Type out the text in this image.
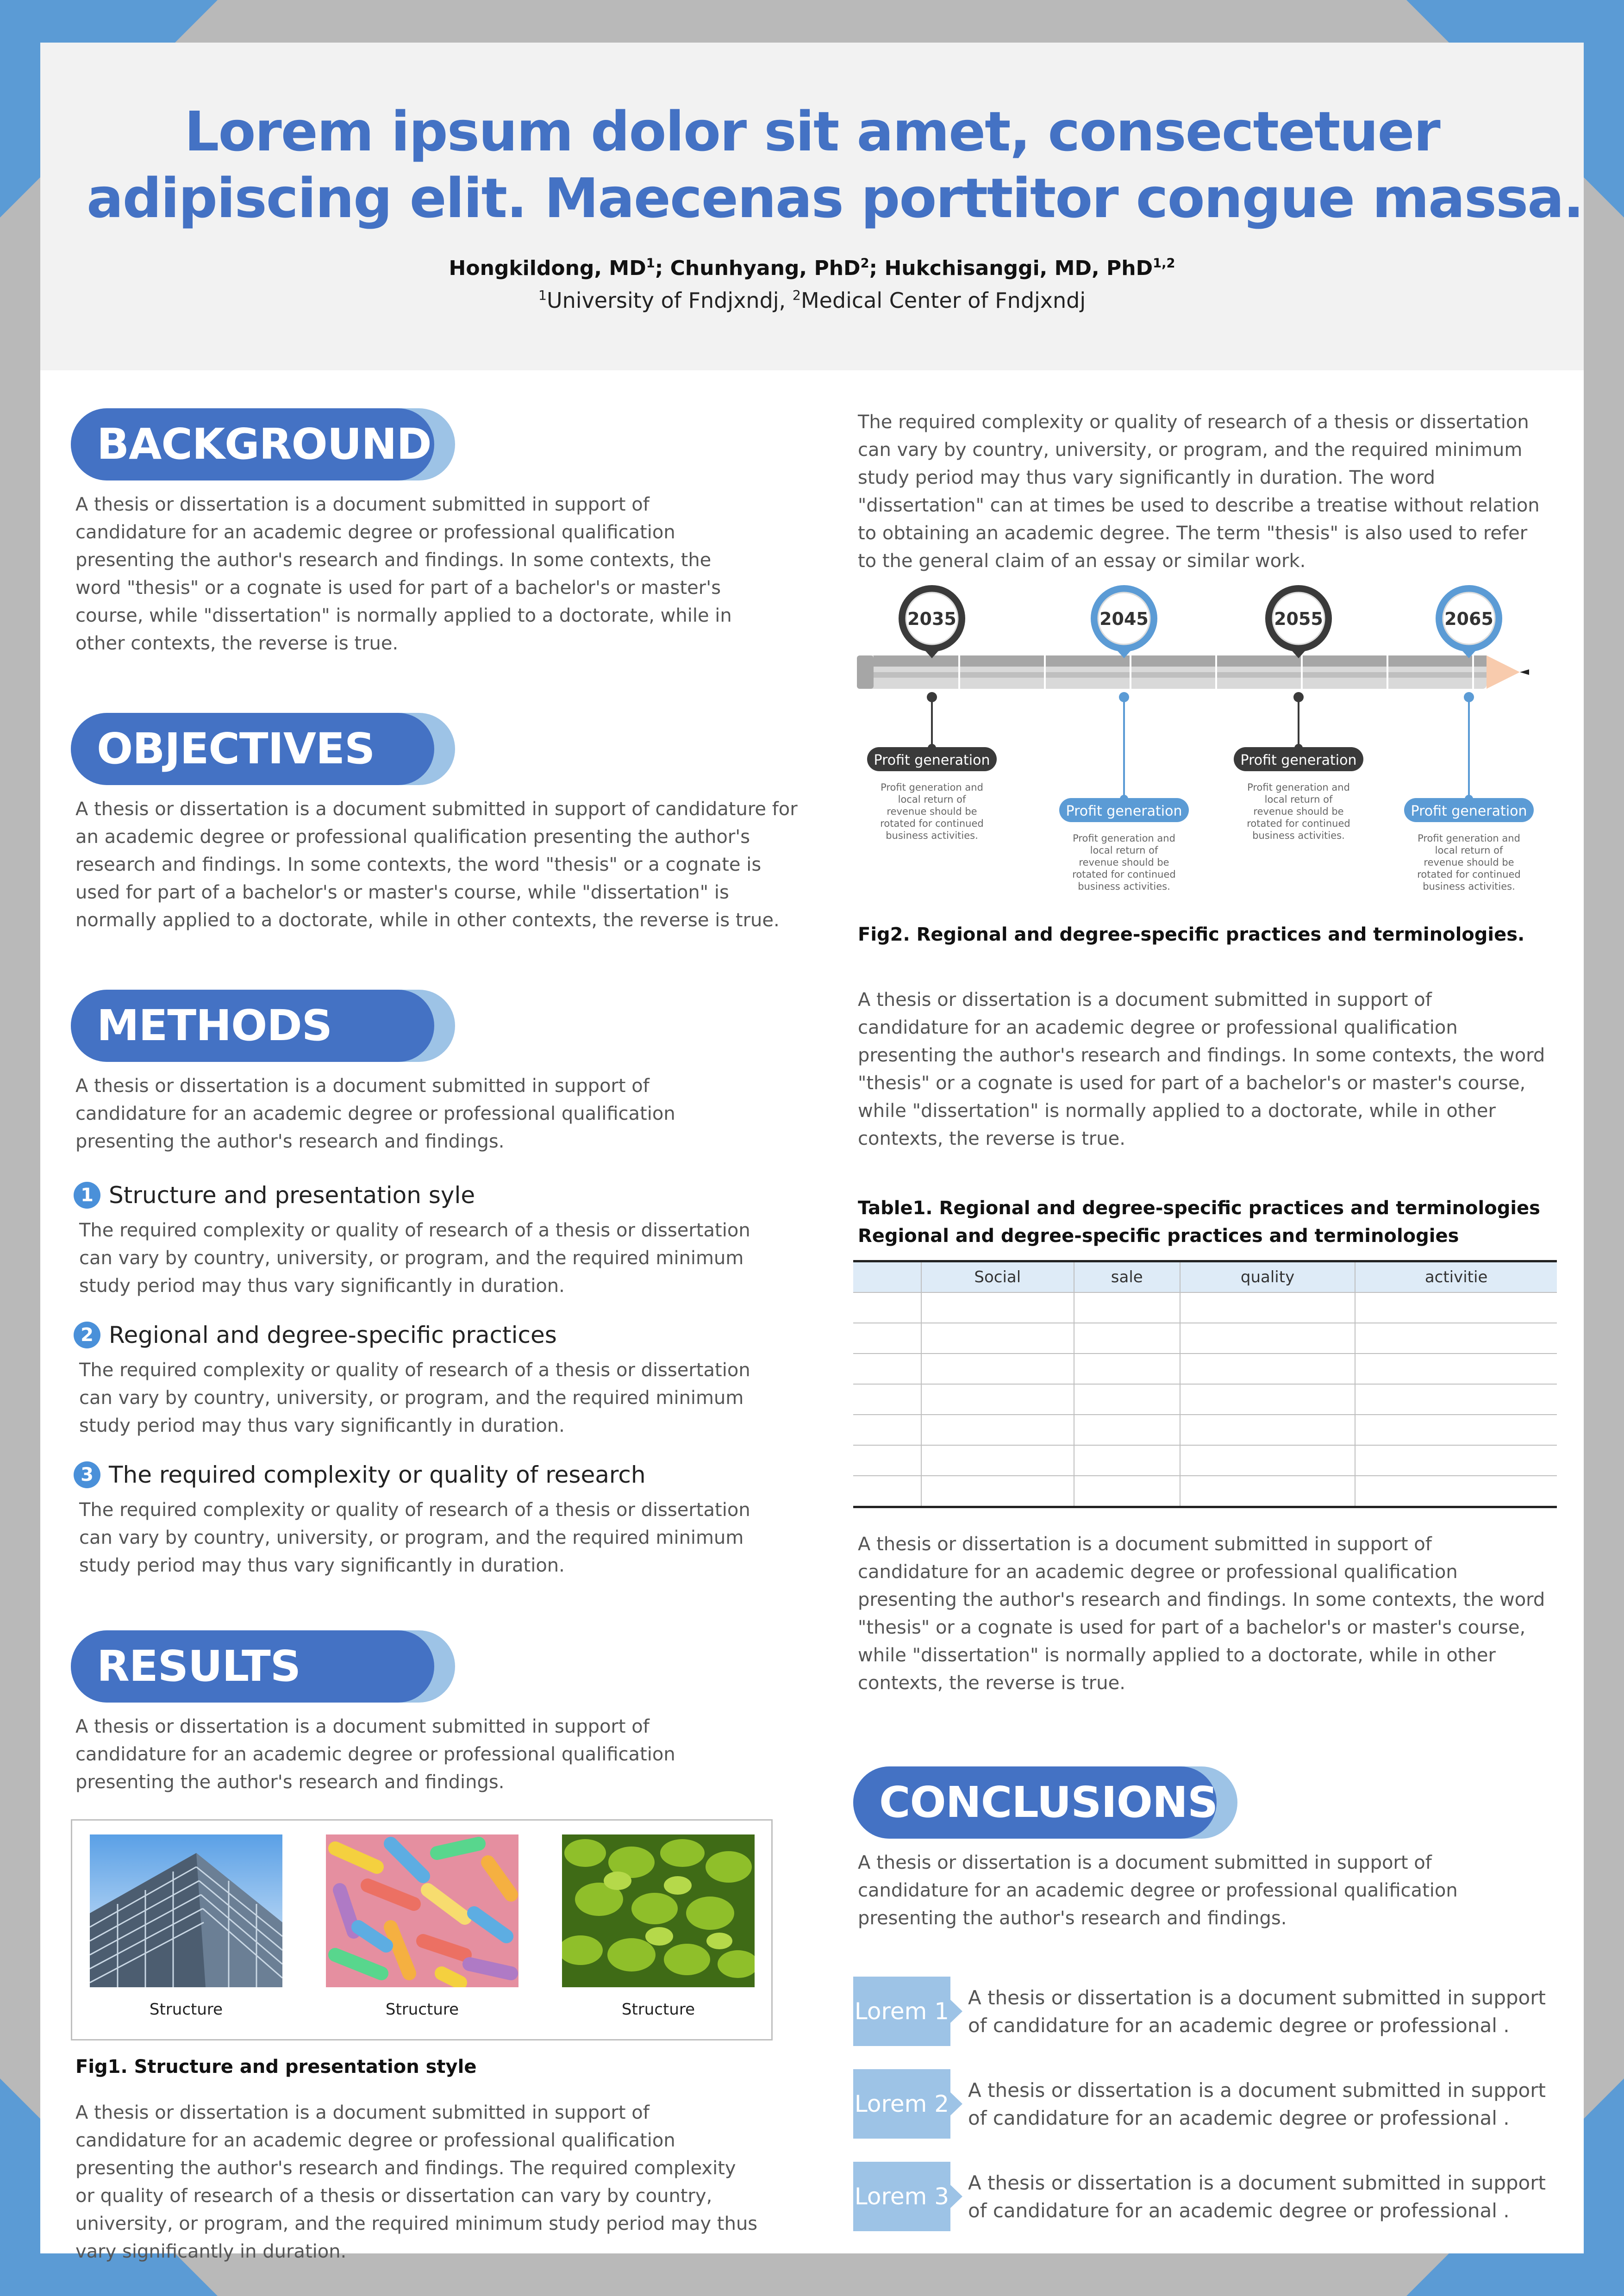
Lorem ipsum dolor sit amet, consectetuer
adipiscing elit. Maecenas porttitor congue massa.
Hongkildong, $MD^1$; Chunhyang, PhD$^2$; Hukchisanggi, MD, PhD$^{1,2}$
$^1$University of Fndjxndj, $^2$Medical Center of Fndjxndj
BACKGROUND

A thesis or dissertation is a document submitted in support of candidature for an academic degree or professional qualification presenting the author's research and findings. In some contexts, the word "thesis" or a cognate is used for part of a bachelor's or master's course, while "dissertation" is normally applied to a doctorate, while in other contexts, the reverse is true.

OBJECTIVES

A thesis or dissertation is a document submitted in support of candidature for an academic degree or professional qualification presenting the author's research and findings. In some contexts, the word "thesis" or a cognate is used for part of a bachelor's or master's course, while "dissertation" is normally applied to a doctorate, while in other contexts, the reverse is true.

METHODS

A thesis or dissertation is a document submitted in support of candidature for an academic degree or professional qualification presenting the author's research and findings.

1 Structure and presentation syle

The required complexity or quality of research of a thesis or dissertation can vary by country, university, or program, and the required minimum study period may thus vary significantly in duration.

2 Regional and degree-specific practices

The required complexity or quality of research of a thesis or dissertation can vary by country, university, or program, and the required minimum study period may thus vary significantly in duration.

3 The required complexity or quality of research

The required complexity or quality of research of a thesis or dissertation can vary by country, university, or program, and the required minimum study period may thus vary significantly in duration.

RESULTS

A thesis or dissertation is a document submitted in support of candidature for an academic degree or professional qualification presenting the author's research and findings.

Structure	Structure	Structure
Fig1. Structure and presentation style

A thesis or dissertation is a document submitted in support of candidature for an academic degree or professional qualification presenting the author's research and findings. The required complexity or quality of research of a thesis or dissertation can vary by country, university, or program, and the required minimum study period may thus vary significantly in duration.

The required complexity or quality of research of a thesis or dissertation can vary by country, university, or program, and the required minimum study period may thus vary significantly in duration. The word "dissertation" can at times be used to describe a treatise without relation to obtaining an academic degree. The term "thesis" is also used to refer to the general claim of an essay or similar work.

2035
Profit generation
Profit generation and
local return of
revenue should be
rotated for continued
business activities.
2045
Profit generation
Profit generation and
local return of
revenue should be
rotated for continued
business activities.
2055
Profit generation
Profit generation and
local return of
revenue should be
rotated for continued
business activities.
2065
Profit generation
Profit generation and
local return of
revenue should be
rotated for continued
business activities.
Fig2. Regional and degree-specific practices and terminologies.

A thesis or dissertation is a document submitted in support of candidature for an academic degree or professional qualification presenting the author's research and findings. In some contexts, the word "thesis" or a cognate is used for part of a bachelor's or master's course, while "dissertation" is normally applied to a doctorate, while in other contexts, the reverse is true.

Table1. Regional and degree-specific practices and terminologies Regional and degree-specific practices and terminologies
	Social	sale	quality	activitie

A thesis or dissertation is a document submitted in support of candidature for an academic degree or professional qualification presenting the author's research and findings. In some contexts, the word "thesis" or a cognate is used for part of a bachelor's or master's course, while "dissertation" is normally applied to a doctorate, while in other contexts, the reverse is true.

CONCLUSIONS

A thesis or dissertation is a document submitted in support of candidature for an academic degree or professional qualification presenting the author's research and findings.

Lorem 1
A thesis or dissertation is a document submitted in support of candidature for an academic degree or professional .
Lorem 2
A thesis or dissertation is a document submitted in support of candidature for an academic degree or professional .
Lorem 3
A thesis or dissertation is a document submitted in support of candidature for an academic degree or professional .
